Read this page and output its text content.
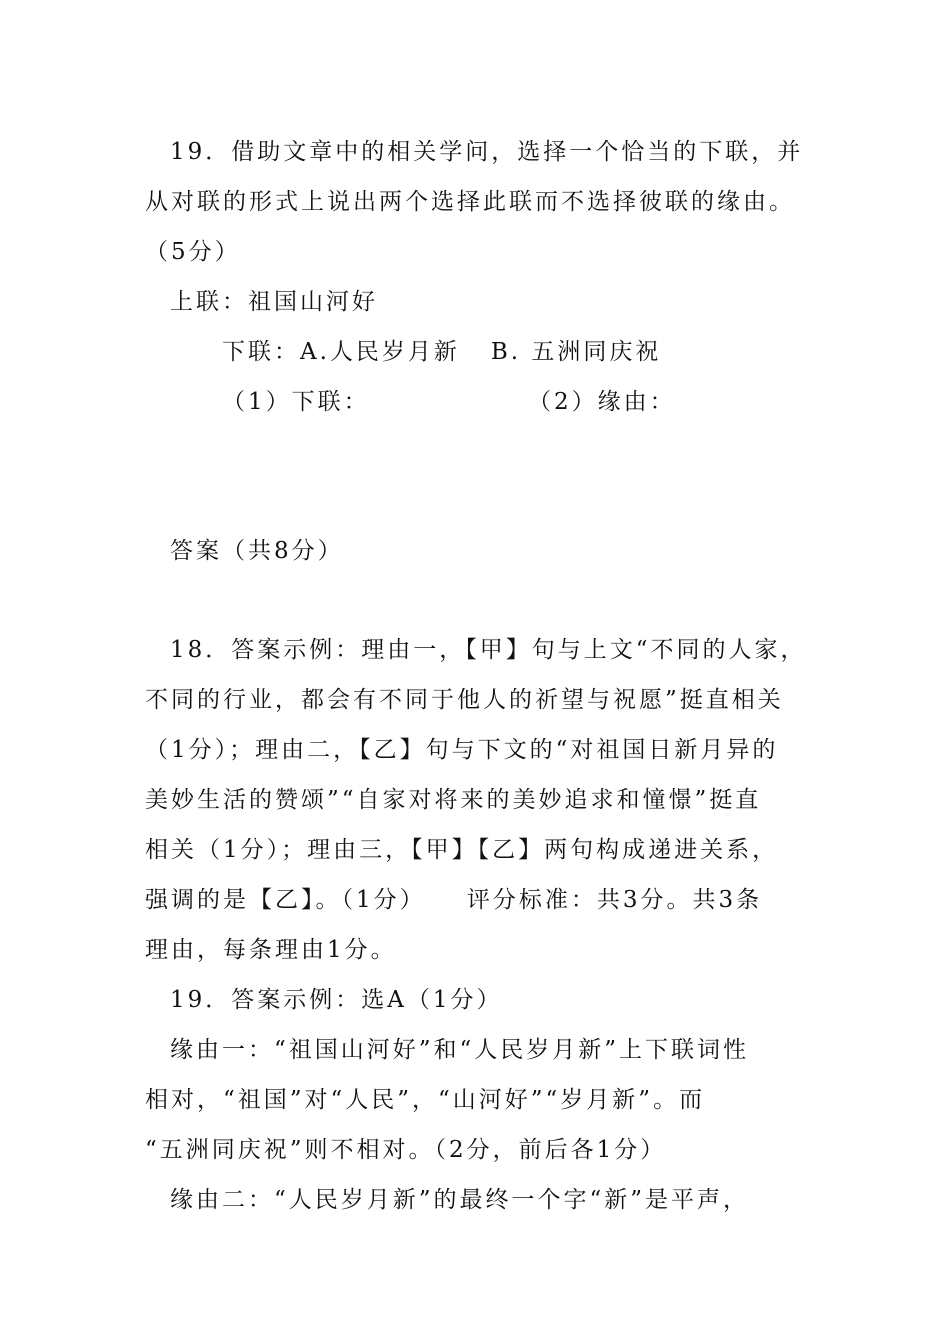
19．借助文章中的相关学问，选择一个恰当的下联，并
从对联的形式上说出两个选择此联而不选择彼联的缘由。
（5分）
上联：祖国山河好
下联：A.人民岁月新   B. 五洲同庆祝
（1）下联：	（2）缘由：
答案（共8分）
18．答案示例：理由一，【甲】句与上文“不同的人家，
不同的行业，都会有不同于他人的祈望与祝愿”挺直相关
（1分）；理由二，【乙】句与下文的“对祖国日新月异的
美妙生活的赞颂”“自家对将来的美妙追求和憧憬”挺直
相关（1分）；理由三，【甲】【乙】两句构成递进关系，
强调的是【乙】。（1分）    评分标准：共3分。共3条
理由，每条理由1分。
19．答案示例：选A（1分）
缘由一：“祖国山河好”和“人民岁月新”上下联词性
相对，“祖国”对“人民”，“山河好”“岁月新”。而
“五洲同庆祝”则不相对。（2分，前后各1分）
缘由二：“人民岁月新”的最终一个字“新”是平声，
